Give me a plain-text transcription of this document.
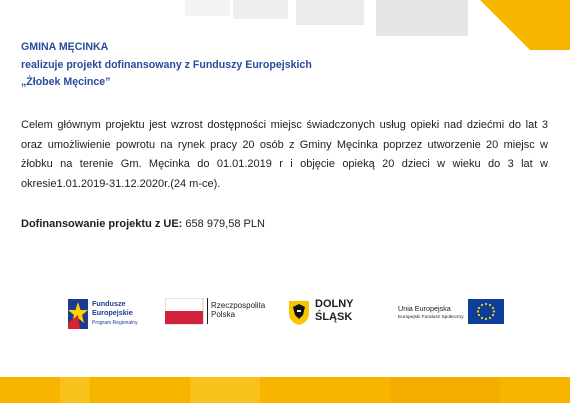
GMINA MĘCINKA
realizuje projekt dofinansowany z Funduszy Europejskich
„Żłobek Męcince”
Celem głównym projektu jest wzrost dostępności miejsc świadczonych usług opieki nad dziećmi do lat 3 oraz umożliwienie powrotu na rynek pracy 20 osób z Gminy Męcinka poprzez utworzenie 20 miejsc w żłobku na terenie Gm. Męcinka do 01.01.2019 r i objęcie opieką 20 dzieci w wieku do 3 lat w okresie1.01.2019-31.12.2020r.(24 m-ce).
Dofinansowanie projektu z UE: 658 979,58 PLN
Fundusze
Europejskie
Program Regionalny
Rzeczpospolita
Polska
DOLNY
ŚLĄSK
Unia Europejska
Europejski Fundusz Społeczny
